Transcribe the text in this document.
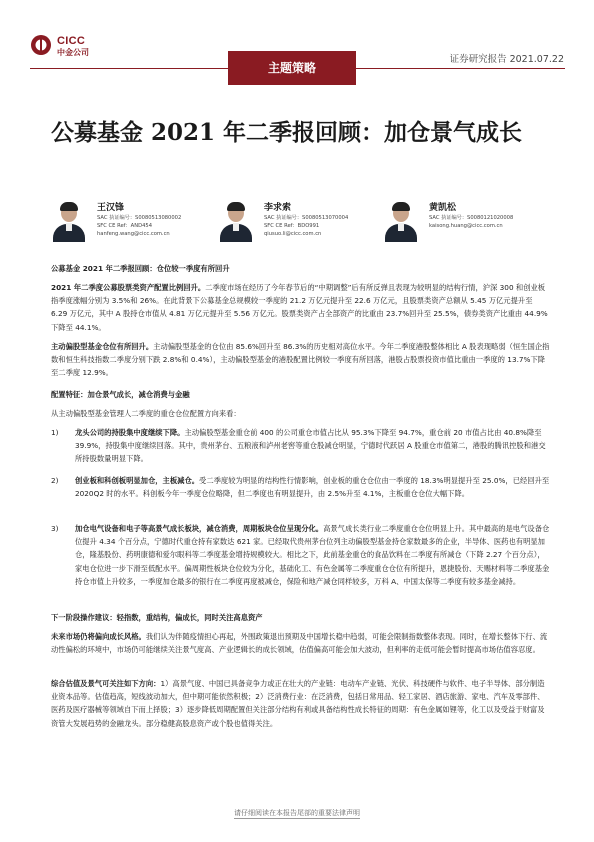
CICC
中金公司
主题策略
证券研究报告 2021.07.22
公募基金 2021 年二季报回顾：加仓景气成长
王汉锋
SAC 执证编号：S0080513080002
SFC CE Ref：AND454
hanfeng.wang@cicc.com.cn
李求索
SAC 执证编号：S0080513070004
SFC CE Ref：BDO991
qiusuo.li@cicc.com.cn
黄凯松
SAC 执证编号：S0080121020008
kaisong.huang@cicc.com.cn
公募基金 2021 年二季报回顾：仓位较一季度有所回升
2021 年二季度公募股票类资产配置比例回升。二季度市场在经历了今年春节后的“中期调整”后有所反弹且表现为较明显的结构行情，沪深 300 和创业板指季度涨幅分别为 3.5%和 26%。在此背景下公募基金总规模较一季度的 21.2 万亿元提升至 22.6 万亿元，且股票类资产总额从 5.45 万亿元提升至 6.29 万亿元，其中 A 股持仓市值从 4.81 万亿元提升至 5.56 万亿元。股票类资产占全部资产的比重由 23.7%回升至 25.5%，债券类资产比重由 44.9%下降至 44.1%。
主动偏股型基金仓位有所回升。主动偏股型基金的仓位由 85.6%回升至 86.3%的历史相对高位水平。今年二季度港股整体相比 A 股表现略弱（恒生国企指数和恒生科技指数二季度分别下跌 2.8%和 0.4%），主动偏股型基金的港股配置比例较一季度有所回落，港股占股票投资市值比重由一季度的 13.7%下降至二季度 12.9%。
配置特征：加仓景气成长，减仓消费与金融
从主动偏股型基金管理人二季度的重仓仓位配置方向来看：
1) 龙头公司的持股集中度继续下降。主动偏股型基金重仓前 400 的公司重仓市值占比从 95.3%下降至 94.7%，重仓前 20 市值占比由 40.8%降至 39.9%，持股集中度继续回落。其中，贵州茅台、五粮液和泸州老窖等重仓股减仓明显，宁德时代跃居 A 股重仓市值第二，港股的腾讯控股和港交所持股数量明显下降。
2) 创业板和科创板明显加仓，主板减仓。受二季度较为明显的结构性行情影响，创业板的重仓仓位由一季度的 18.3%明显提升至 25.0%，已经回升至 2020Q2 时的水平。科创板今年一季度仓位略降，但二季度也有明显提升，由 2.5%升至 4.1%，主板重仓仓位大幅下降。
3) 加仓电气设备和电子等高景气成长板块，减仓消费，周期板块仓位呈现分化。高景气成长类行业二季度重仓仓位明显上升。其中最高的是电气设备仓位提升 4.34 个百分点，宁德时代重仓持有家数达 621 家。已经取代贵州茅台位列主动偏股型基金持仓家数最多的企业，半导体、医药也有明显加仓，隆基股份、药明康德和爱尔眼科等二季度基金增持规模较大。相比之下，此前基金重仓的食品饮料在二季度有所减仓（下降 2.27 个百分点），家电仓位进一步下滑至低配水平。偏周期性板块仓位较为分化，基础化工、有色金属等二季度重仓仓位有所提升，恩捷股份、天赐材料等二季度基金持仓市值上升较多，一季度加仓最多的银行在二季度再度被减仓，保险和地产减仓同样较多，万科 A、中国太保等二季度有较多基金减持。
下一阶段操作建议：轻指数，重结构，偏成长，同时关注高息资产
未来市场仍将偏向成长风格。我们认为伴随疫情担心再起，外围政策退出预期及中国增长稳中趋弱，可能会限制指数整体表现。同时，在增长整体下行、流动性偏松的环境中，市场仍可能继续关注景气度高、产业逻辑长的成长领域，估值偏高可能会加大波动，但利率的走低可能会暂时提高市场估值容忍度。
综合估值及景气可关注如下方向：1）高景气度、中国已具备竞争力或正在壮大的产业链：电动车产业链、光伏、科技硬件与软件、电子半导体、部分制造业资本品等。估值趋高，短线波动加大，但中期可能依然积极；2）泛消费行业：在泛消费，包括日常用品、轻工家居、酒店旅游、家电、汽车及零部件、医药及医疗器械等领域自下而上择股；3）逐步降低周期配置但关注部分结构有利或具备结构性成长特征的周期：有色金属如锂等，化工以及受益于财富及资管大发展趋势的金融龙头。部分稳健高股息资产或个股也值得关注。
请仔细阅读在本报告尾部的重要法律声明
